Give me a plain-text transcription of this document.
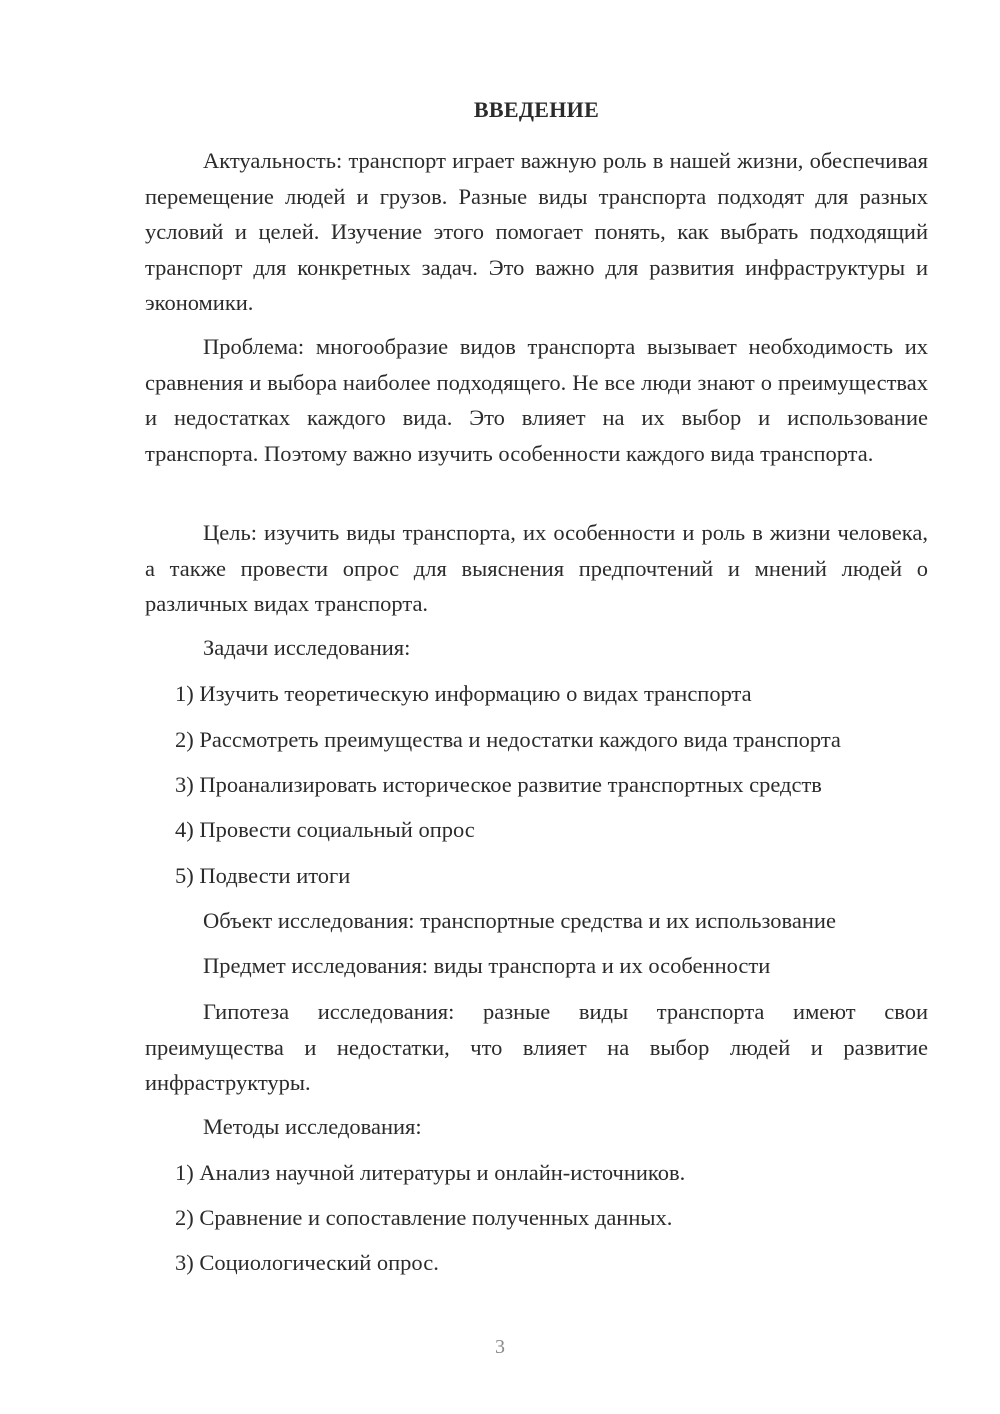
ВВЕДЕНИЕ

Актуальность: транспорт играет важную роль в нашей жизни, обеспечивая перемещение людей и грузов. Разные виды транспорта подходят для разных условий и целей. Изучение этого помогает понять, как выбрать подходящий транспорт для конкретных задач. Это важно для развития инфраструктуры и экономики.

Проблема: многообразие видов транспорта вызывает необходимость их сравнения и выбора наиболее подходящего. Не все люди знают о преимуществах и недостатках каждого вида. Это влияет на их выбор и использование транспорта. Поэтому важно изучить особенности каждого вида транспорта.

Цель: изучить виды транспорта, их особенности и роль в жизни человека, а также провести опрос для выяснения предпочтений и мнений людей о различных видах транспорта.

Задачи исследования:

1) Изучить теоретическую информацию о видах транспорта

2) Рассмотреть преимущества и недостатки каждого вида транспорта

3) Проанализировать историческое развитие транспортных средств

4) Провести социальный опрос

5) Подвести итоги

Объект исследования: транспортные средства и их использование

Предмет исследования: виды транспорта и их особенности

Гипотеза исследования: разные виды транспорта имеют свои преимущества и недостатки, что влияет на выбор людей и развитие инфраструктуры.

Методы исследования:

1) Анализ научной литературы и онлайн-источников.

2) Сравнение и сопоставление полученных данных.

3) Социологический опрос.

3
